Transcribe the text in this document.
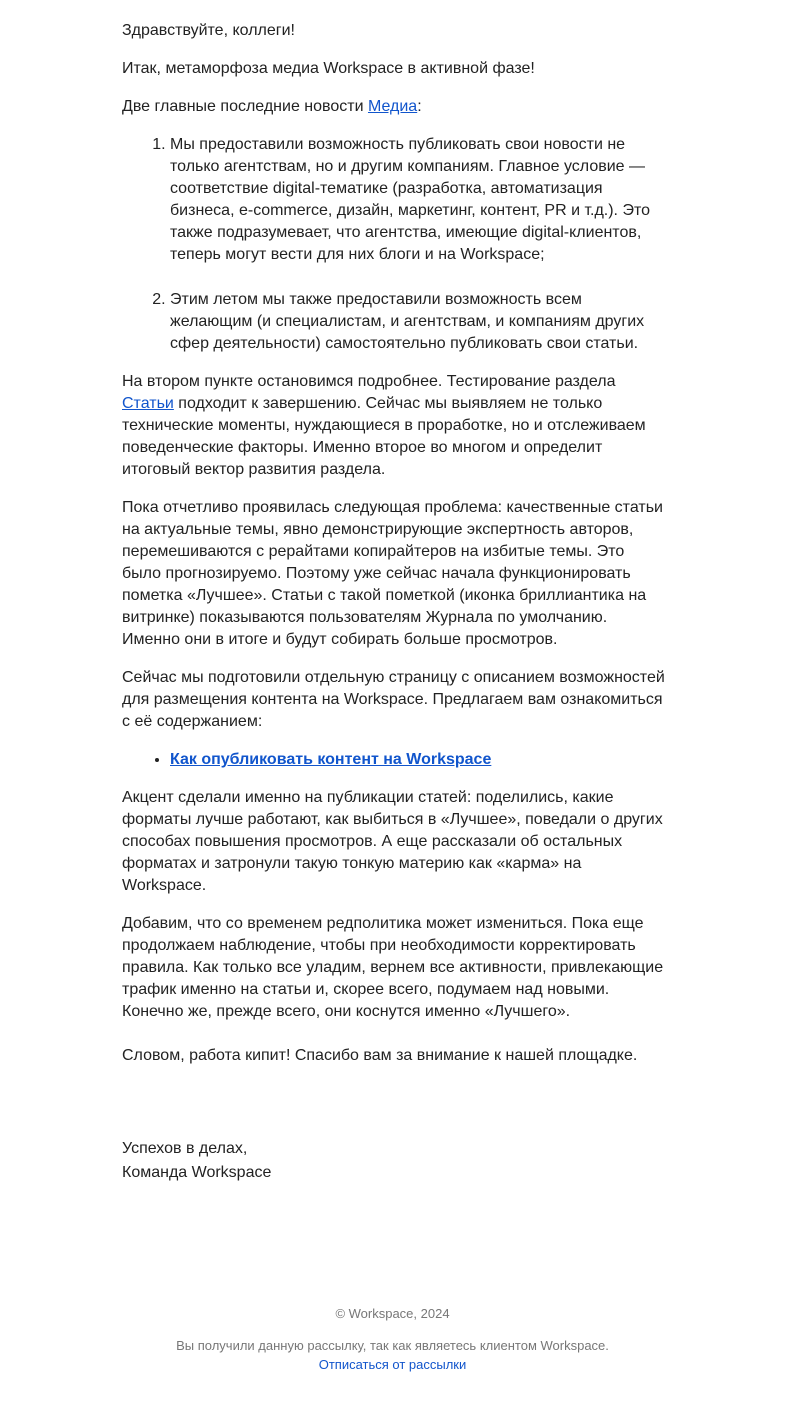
Здравствуйте, коллеги!

Итак, метаморфоза медиа Workspace в активной фазе!

Две главные последние новости Медиа:

1. Мы предоставили возможность публиковать свои новости не только агентствам, но и другим компаниям. Главное условие — соответствие digital-тематике (разработка, автоматизация бизнеса, e-commerce, дизайн, маркетинг, контент, PR и т.д.). Это также подразумевает, что агентства, имеющие digital-клиентов, теперь могут вести для них блоги и на Workspace;
2. Этим летом мы также предоставили возможность всем желающим (и специалистам, и агентствам, и компаниям других сфер деятельности) самостоятельно публиковать свои статьи.

На втором пункте остановимся подробнее. Тестирование раздела Статьи подходит к завершению. Сейчас мы выявляем не только технические моменты, нуждающиеся в проработке, но и отслеживаем поведенческие факторы. Именно второе во многом и определит итоговый вектор развития раздела.

Пока отчетливо проявилась следующая проблема: качественные статьи на актуальные темы, явно демонстрирующие экспертность авторов, перемешиваются с рерайтами копирайтеров на избитые темы. Это было прогнозируемо. Поэтому уже сейчас начала функционировать пометка «Лучшее». Статьи с такой пометкой (иконка бриллиантика на витринке) показываются пользователям Журнала по умолчанию. Именно они в итоге и будут собирать больше просмотров.

Сейчас мы подготовили отдельную страницу с описанием возможностей для размещения контента на Workspace. Предлагаем вам ознакомиться с её содержанием:

• Как опубликовать контент на Workspace

Акцент сделали именно на публикации статей: поделились, какие форматы лучше работают, как выбиться в «Лучшее», поведали о других способах повышения просмотров. А еще рассказали об остальных форматах и затронули такую тонкую материю как «карма» на Workspace.

Добавим, что со временем редполитика может измениться. Пока еще продолжаем наблюдение, чтобы при необходимости корректировать правила. Как только все уладим, вернем все активности, привлекающие трафик именно на статьи и, скорее всего, подумаем над новыми. Конечно же, прежде всего, они коснутся именно «Лучшего».

Словом, работа кипит! Спасибо вам за внимание к нашей площадке.

Успехов в делах,
Команда Workspace
© Workspace, 2024
Вы получили данную рассылку, так как являетесь клиентом Workspace.
Отписаться от рассылки
